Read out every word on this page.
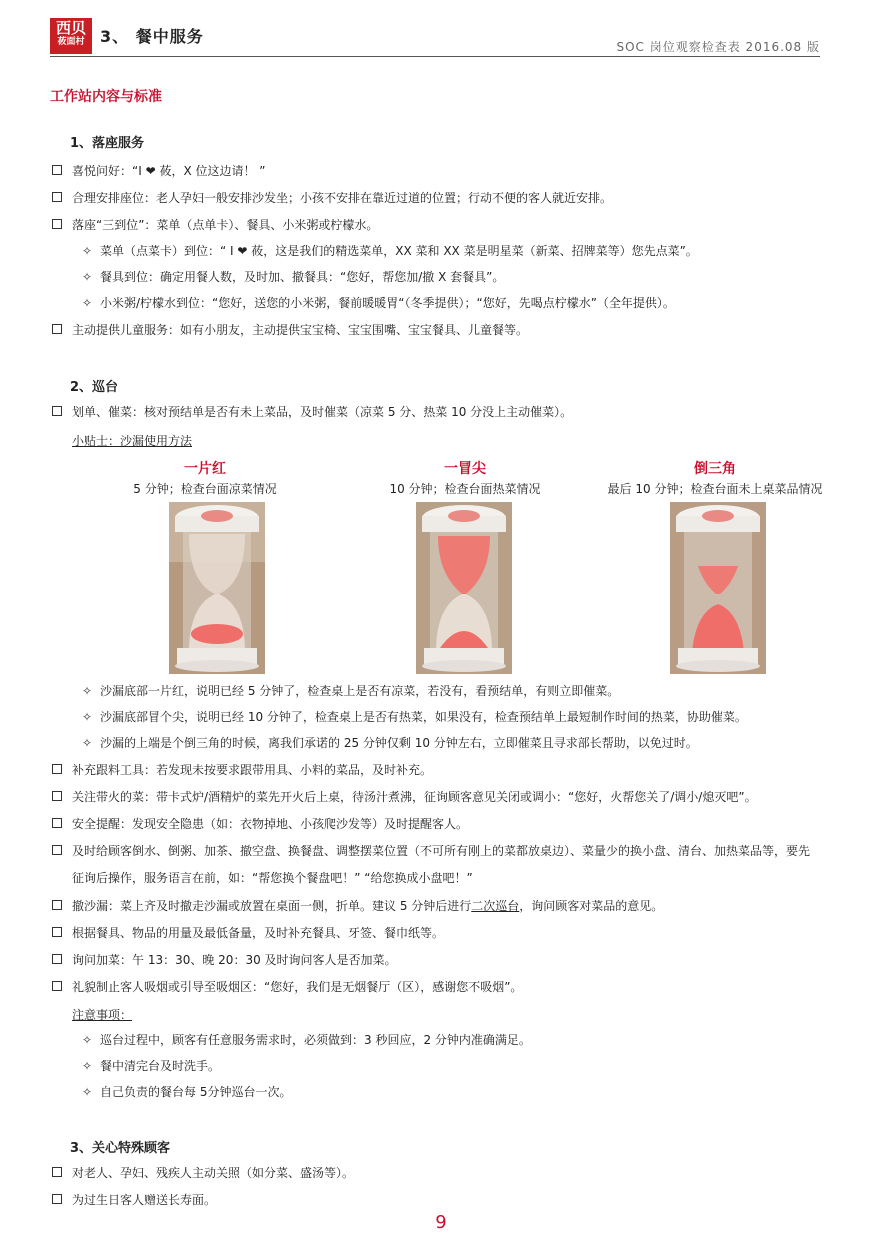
西贝
莜面村 3、 餐中服务
SOC 岗位观察检查表 2016.08 版
工作站内容与标准
1、落座服务
喜悦问好：“I ❤ 莜，X 位这边请！ ”
合理安排座位：老人孕妇一般安排沙发坐；小孩不安排在靠近过道的位置；行动不便的客人就近安排。
落座“三到位”：菜单（点单卡）、餐具、小米粥或柠檬水。
✧ 菜单（点菜卡）到位：“ I ❤ 莜，这是我们的精选菜单，XX 菜和 XX 菜是明星菜（新菜、招牌菜等）您先点菜”。
✧ 餐具到位：确定用餐人数，及时加、撤餐具：“您好，帮您加/撤 X 套餐具”。
✧ 小米粥/柠檬水到位：“您好，送您的小米粥，餐前暖暖胃“（冬季提供）；“您好，先喝点柠檬水”（全年提供）。
主动提供儿童服务：如有小朋友，主动提供宝宝椅、宝宝围嘴、宝宝餐具、儿童餐等。
2、巡台
划单、催菜：核对预结单是否有未上菜品，及时催菜（凉菜 5 分、热菜 10 分没上主动催菜）。
小贴士：沙漏使用方法
一片红	一冒尖	倒三角
5 分钟；检查台面凉菜情况	10 分钟；检查台面热菜情况	最后 10 分钟；检查台面未上桌菜品情况
✧ 沙漏底部一片红，说明已经 5 分钟了，检查桌上是否有凉菜，若没有，看预结单，有则立即催菜。
✧ 沙漏底部冒个尖，说明已经 10 分钟了，检查桌上是否有热菜，如果没有，检查预结单上最短制作时间的热菜，协助催菜。
✧ 沙漏的上端是个倒三角的时候，离我们承诺的 25 分钟仅剩 10 分钟左右，立即催菜且寻求部长帮助，以免过时。
补充跟料工具：若发现未按要求跟带用具、小料的菜品，及时补充。
关注带火的菜：带卡式炉/酒精炉的菜先开火后上桌，待汤汁煮沸，征询顾客意见关闭或调小：“您好，火帮您关了/调小/熄灭吧”。
安全提醒：发现安全隐患（如：衣物掉地、小孩爬沙发等）及时提醒客人。
及时给顾客倒水、倒粥、加茶、撤空盘、换餐盘、调整摆菜位置（不可所有刚上的菜都放桌边）、菜量少的换小盘、清台、加热菜品等，要先
征询后操作，服务语言在前，如：“帮您换个餐盘吧！” “给您换成小盘吧！”
撤沙漏：菜上齐及时撤走沙漏或放置在桌面一侧，折单。建议 5 分钟后进行二次巡台，询问顾客对菜品的意见。
根据餐具、物品的用量及最低备量，及时补充餐具、牙签、餐巾纸等。
询问加菜：午 13：30、晚 20：30 及时询问客人是否加菜。
礼貌制止客人吸烟或引导至吸烟区：“您好，我们是无烟餐厅（区），感谢您不吸烟”。
注意事项：
✧ 巡台过程中，顾客有任意服务需求时，必须做到：3 秒回应，2 分钟内准确满足。
✧ 餐中清完台及时洗手。
✧ 自己负责的餐台每 5分钟巡台一次。
3、关心特殊顾客
对老人、孕妇、残疾人主动关照（如分菜、盛汤等）。
为过生日客人赠送长寿面。
9
